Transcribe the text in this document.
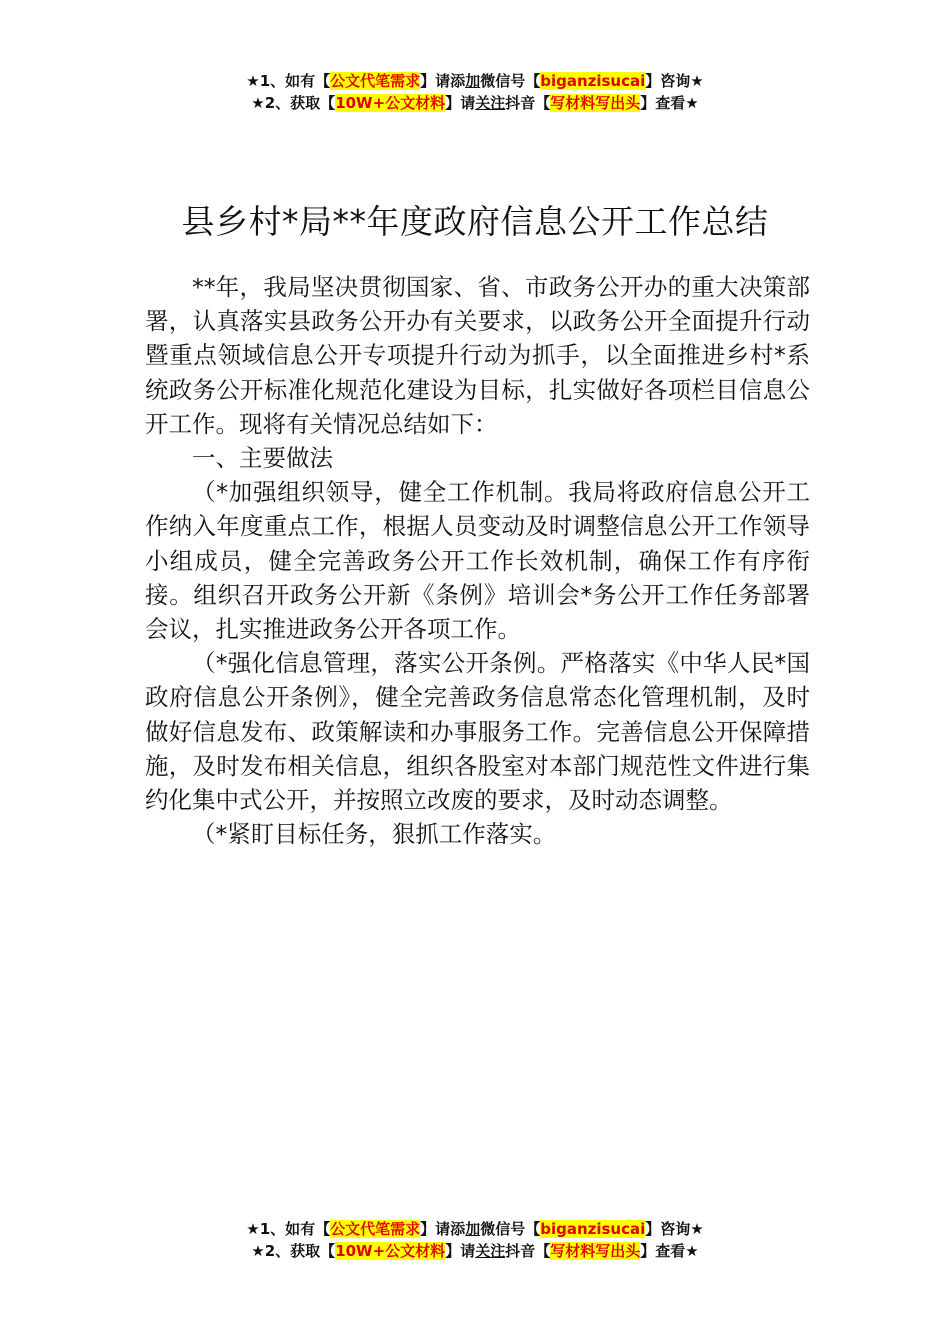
★1、如有【公文代笔需求】请添加微信号【biganzisucai】咨询★
★2、获取【10W+公文材料】请关注抖音【写材料写出头】查看★
县乡村*局**年度政府信息公开工作总结

**年，我局坚决贯彻国家、省、市政务公开办的重大决策部署，认真落实县政务公开办有关要求，以政务公开全面提升行动暨重点领域信息公开专项提升行动为抓手，以全面推进乡村*系统政务公开标准化规范化建设为目标，扎实做好各项栏目信息公开工作。现将有关情况总结如下：

一、主要做法

（*加强组织领导，健全工作机制。我局将政府信息公开工作纳入年度重点工作，根据人员变动及时调整信息公开工作领导小组成员，健全完善政务公开工作长效机制，确保工作有序衔接。组织召开政务公开新《条例》培训会*务公开工作任务部署会议，扎实推进政务公开各项工作。

（*强化信息管理，落实公开条例。严格落实《中华人民*国政府信息公开条例》，健全完善政务信息常态化管理机制，及时做好信息发布、政策解读和办事服务工作。完善信息公开保障措施，及时发布相关信息，组织各股室对本部门规范性文件进行集约化集中式公开，并按照立改废的要求，及时动态调整。

（*紧盯目标任务，狠抓工作落实。

★1、如有【公文代笔需求】请添加微信号【biganzisucai】咨询★
★2、获取【10W+公文材料】请关注抖音【写材料写出头】查看★
